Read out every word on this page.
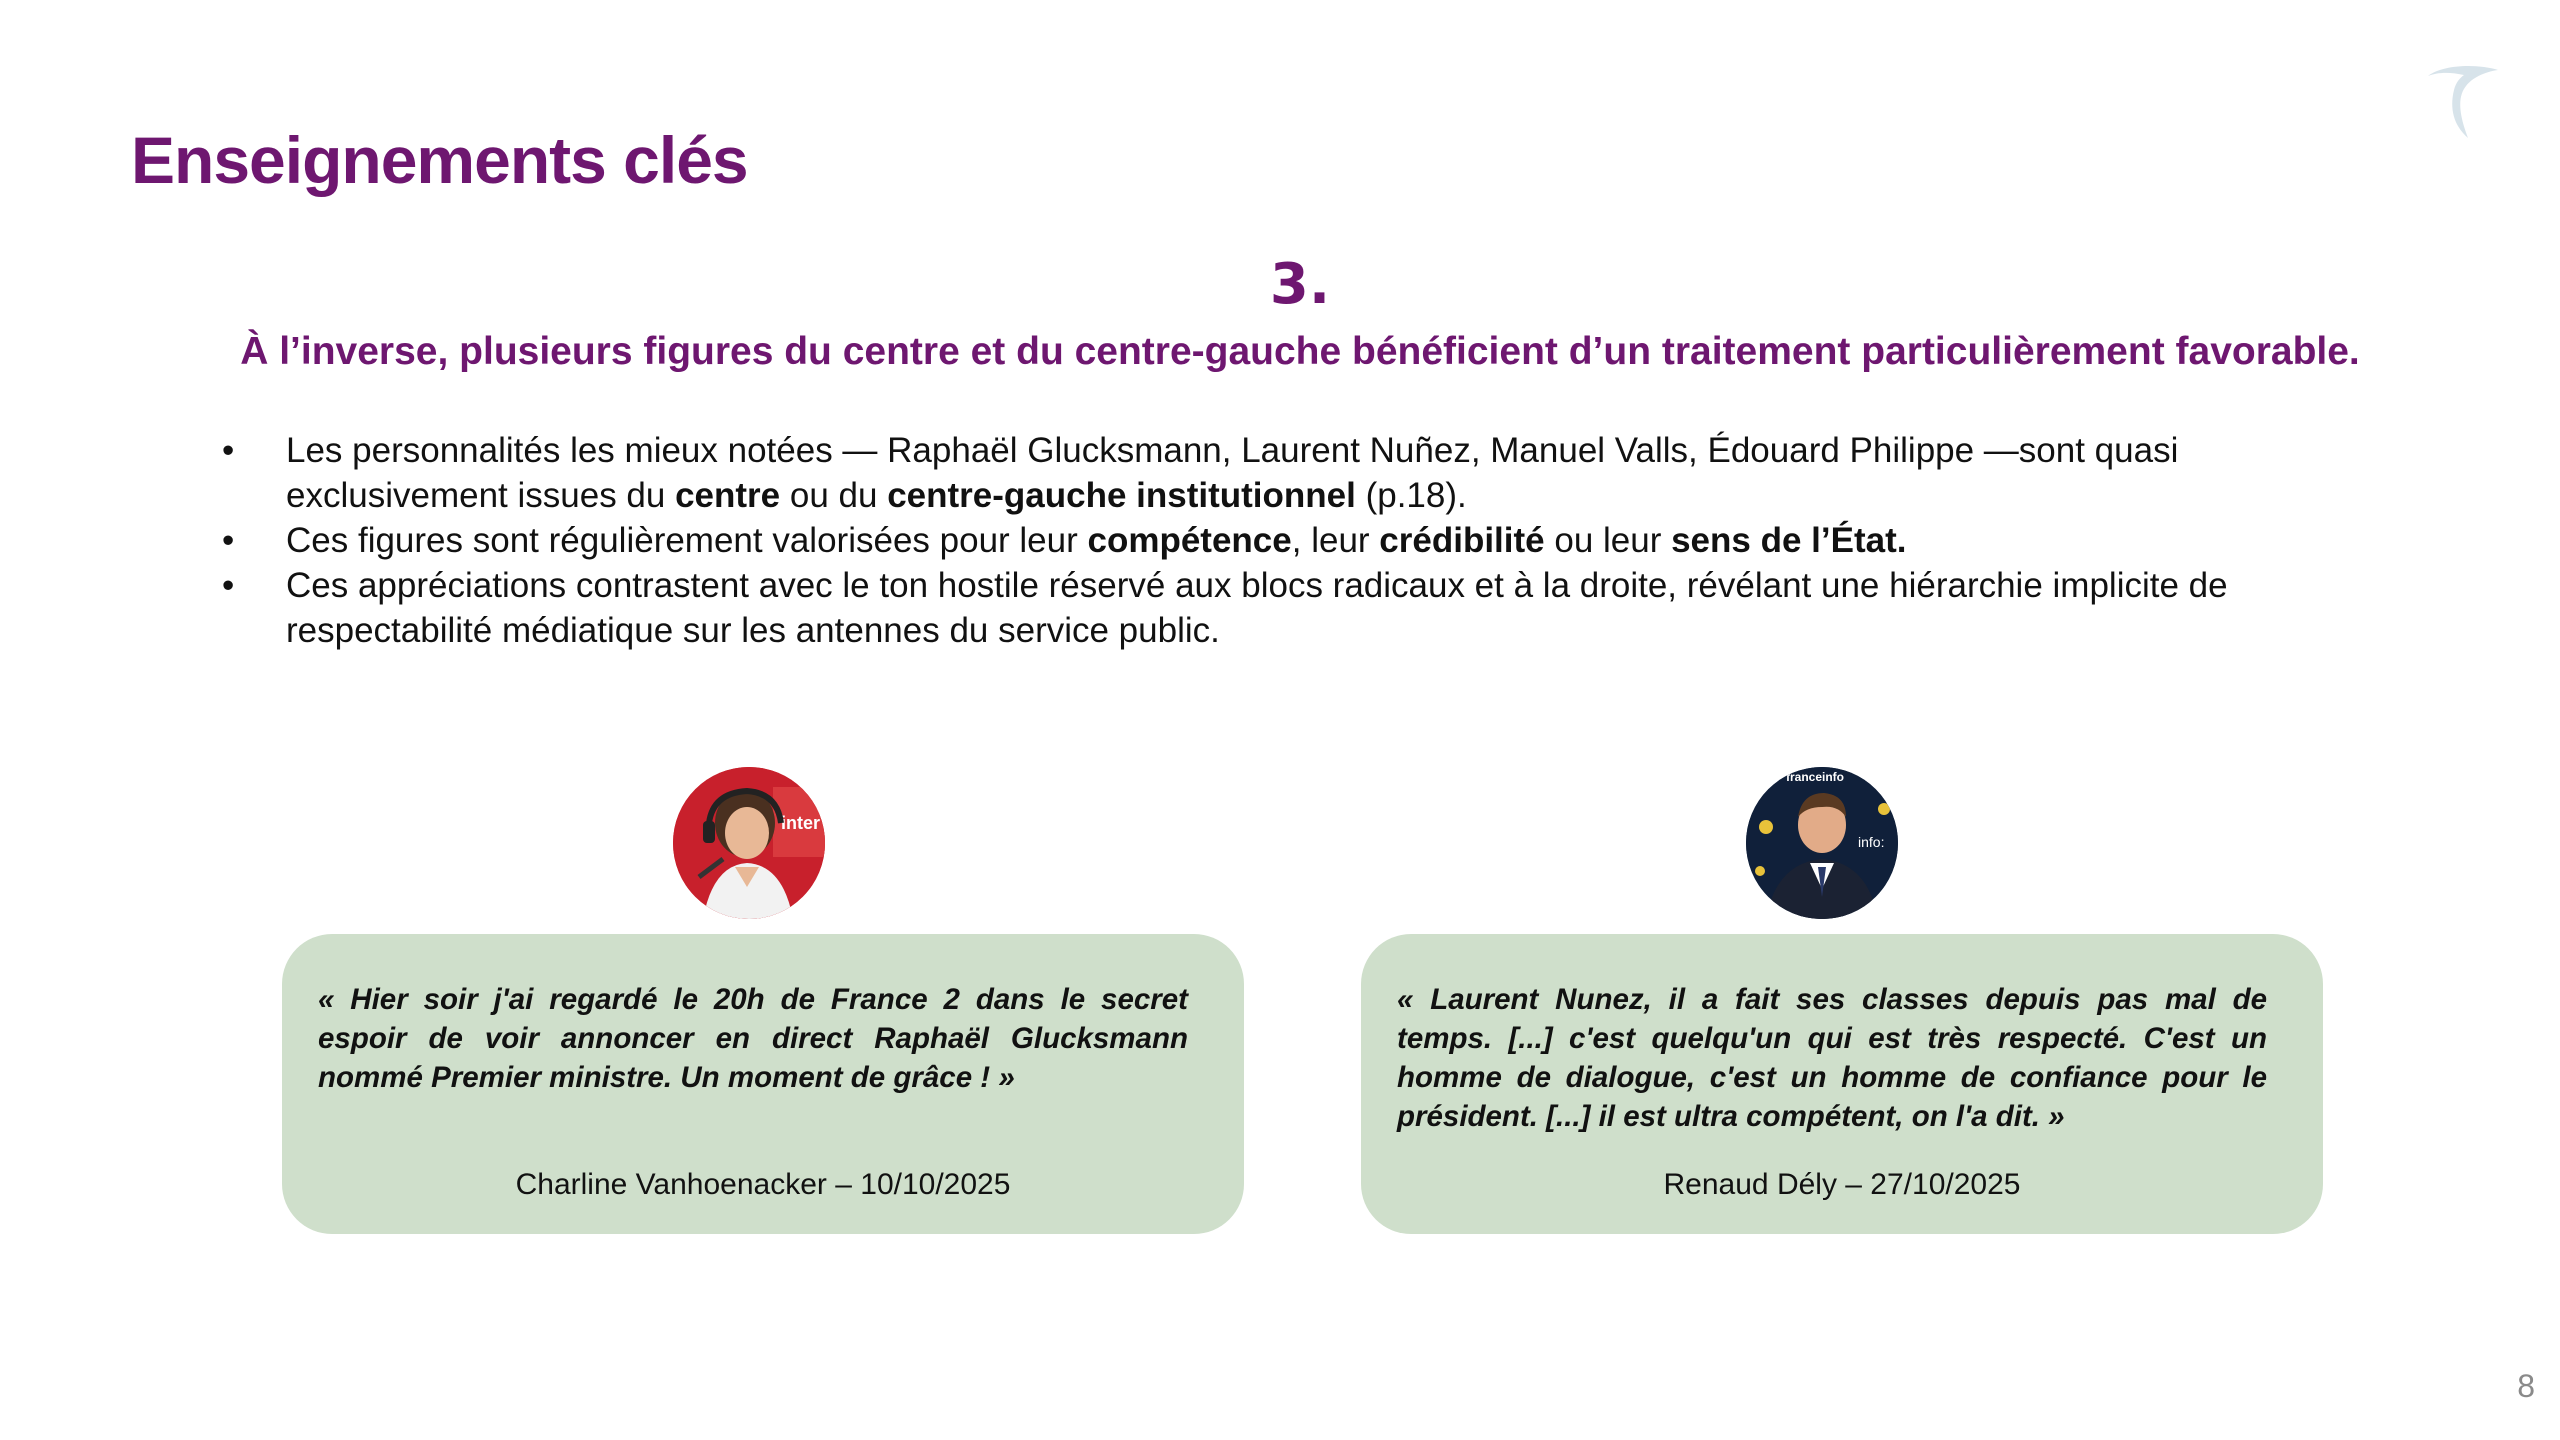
Enseignements clés
3.
À l’inverse, plusieurs figures du centre et du centre-gauche bénéficient d’un traitement particulièrement favorable.
• Les personnalités les mieux notées — Raphaël Glucksmann, Laurent Nuñez, Manuel Valls, Édouard Philippe —sont quasi exclusivement issues du centre ou du centre-gauche institutionnel (p.18).
• Ces figures sont régulièrement valorisées pour leur compétence, leur crédibilité ou leur sens de l’État.
• Ces appréciations contrastent avec le ton hostile réservé aux blocs radicaux et à la droite, révélant une hiérarchie implicite de respectabilité médiatique sur les antennes du service public.
inter
franceinfo
info:
« Hier soir j'ai regardé le 20h de France 2 dans le secret espoir de voir annoncer en direct Raphaël Glucksmann nommé Premier ministre. Un moment de grâce ! »
Charline Vanhoenacker – 10/10/2025
« Laurent Nunez, il a fait ses classes depuis pas mal de temps. [...] c'est quelqu'un qui est très respecté. C'est un homme de dialogue, c'est un homme de confiance pour le président. [...] il est ultra compétent, on l'a dit. »
Renaud Dély – 27/10/2025
8
